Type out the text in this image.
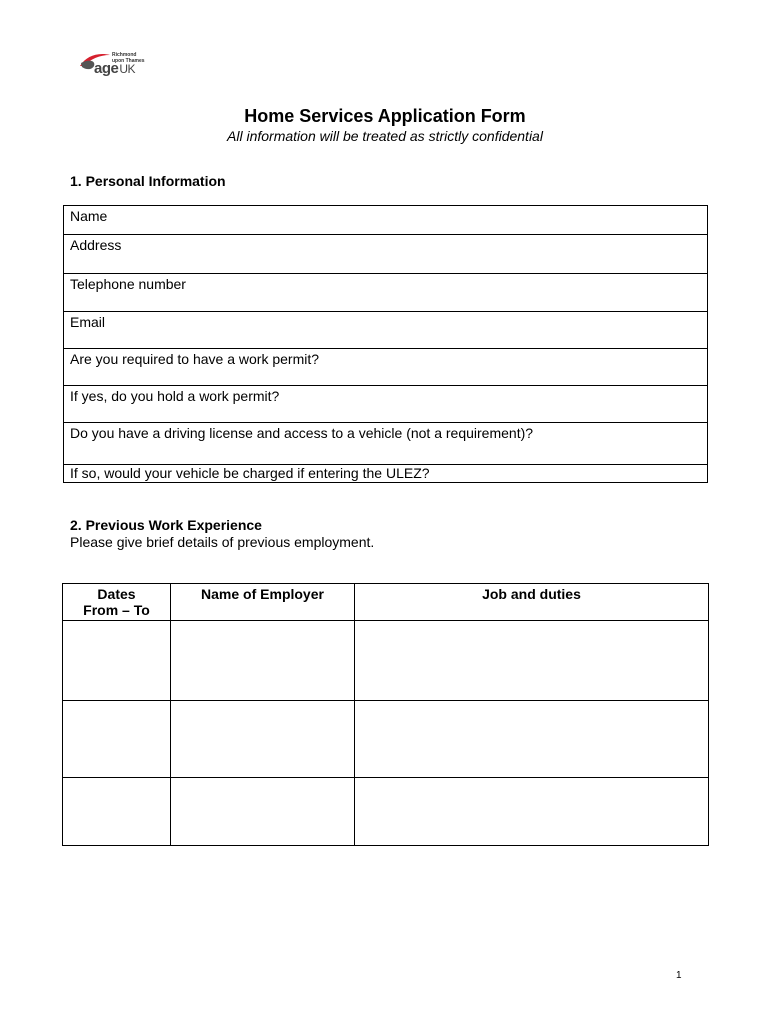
Richmond
upon Thames
ageUK
Home Services Application Form
All information will be treated as strictly confidential
1. Personal Information
Name
Address
Telephone number
Email
Are you required to have a work permit?
If yes, do you hold a work permit?
Do you have a driving license and access to a vehicle (not a requirement)?
If so, would your vehicle be charged if entering the ULEZ?
2. Previous Work Experience
Please give brief details of previous employment.
Dates
From – To	Name of Employer	Job and duties

1
